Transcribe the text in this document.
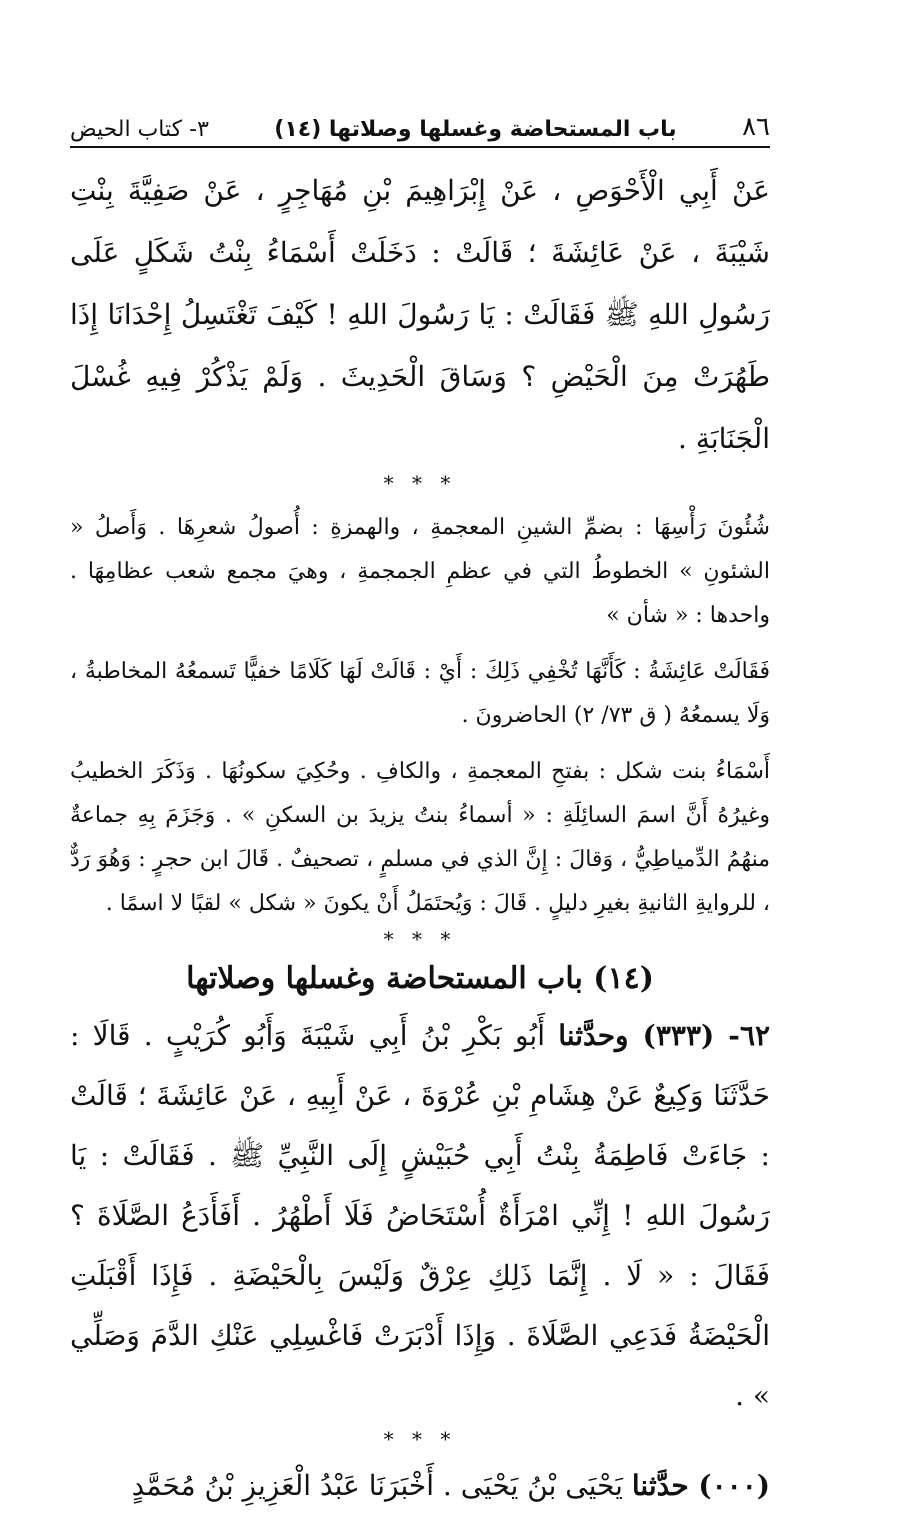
٣- كتاب الحيض	(١٤) باب المستحاضة وغسلها وصلاتها	٨٦
عَنْ أَبِي الْأَحْوَصِ ، عَنْ إِبْرَاهِيمَ بْنِ مُهَاجِرٍ ، عَنْ صَفِيَّةَ بِنْتِ شَيْبَةَ ، عَنْ عَائِشَةَ ؛ قَالَتْ : دَخَلَتْ أَسْمَاءُ بِنْتُ شَكَلٍ عَلَى رَسُولِ اللهِ ﷺ فَقَالَتْ : يَا رَسُولَ اللهِ ! كَيْفَ تَغْتَسِلُ إِحْدَانَا إِذَا طَهُرَتْ مِنَ الْحَيْضِ ؟ وَسَاقَ الْحَدِيثَ . وَلَمْ يَذْكُرْ فِيهِ غُسْلَ الْجَنَابَةِ .
* * *
شُئُونَ رَأْسِهَا : بضمِّ الشينِ المعجمةِ ، والهمزةِ : أُصولُ شعرِهَا . وَأَصلُ « الشئونِ » الخطوطُ التي في عظمِ الجمجمةِ ، وهيَ مجمع شعب عظامِهَا . واحدها : « شأن »
فَقَالَتْ عَائِشَةُ : كَأَنَّهَا تُخْفِي ذَلِكَ : أَيْ : قَالَتْ لَهَا كَلَامًا خفيًّا تَسمعُهُ المخاطبةُ ، وَلَا يسمعُهُ ( ق ٧٣/ ٢) الحاضرونَ .
أَسْمَاءُ بنت شكل : بفتحِ المعجمةِ ، والكافِ . وحُكِيَ سكونُهَا . وَذَكَرَ الخطيبُ وغيرُهُ أَنَّ اسمَ السائِلَةِ : « أسماءُ بنتُ يزيدَ بن السكنِ » . وَجَزَمَ بِهِ جماعةٌ منهُمُ الدِّمياطِيُّ ، وَقالَ : إِنَّ الذي في مسلمٍ ، تصحيفٌ . قَالَ ابن حجرٍ : وَهُوَ رَدٌّ ، للروايةِ الثانيةِ بغيرِ دليلٍ . قَالَ : وَيُحتَمَلُ أَنْ يكونَ « شكل » لقبًا لا اسمًا .
* * *
(١٤) باب المستحاضة وغسلها وصلاتها
٦٢- (٣٣٣) وحدَّثنا أَبُو بَكْرِ بْنُ أَبِي شَيْبَةَ وَأَبُو كُرَيْبٍ . قَالَا : حَدَّثَنَا وَكِيعٌ عَنْ هِشَامِ بْنِ عُرْوَةَ ، عَنْ أَبِيهِ ، عَنْ عَائِشَةَ ؛ قَالَتْ : جَاءَتْ فَاطِمَةُ بِنْتُ أَبِي حُبَيْشٍ إِلَى النَّبِيِّ ﷺ . فَقَالَتْ : يَا رَسُولَ اللهِ ! إِنِّي امْرَأَةٌ أُسْتَحَاضُ فَلَا أَطْهُرُ . أَفَأَدَعُ الصَّلَاةَ ؟ فَقَالَ : « لَا . إِنَّمَا ذَلِكِ عِرْقٌ وَلَيْسَ بِالْحَيْضَةِ . فَإِذَا أَقْبَلَتِ الْحَيْضَةُ فَدَعِي الصَّلَاةَ . وَإِذَا أَدْبَرَتْ فَاغْسِلِي عَنْكِ الدَّمَ وَصَلِّي » .
* * *
(٠٠٠) حدَّثنا يَحْيَى بْنُ يَحْيَى . أَخْبَرَنَا عَبْدُ الْعَزِيزِ بْنُ مُحَمَّدٍ
